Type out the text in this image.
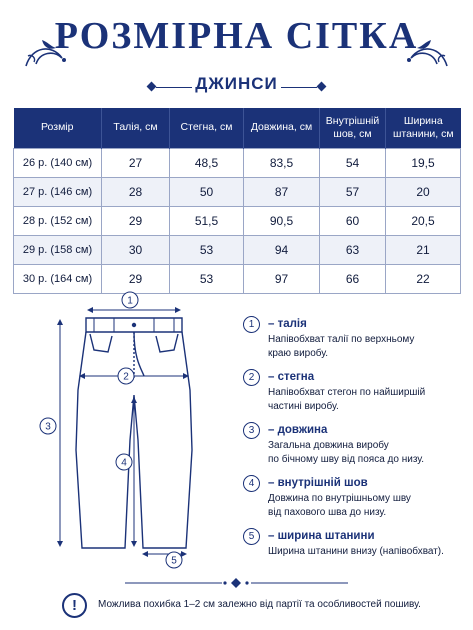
РОЗМІРНА СІТКА
ДЖИНСИ
Розмір	Талія, см	Стегна, см	Довжина, см	Внутрішній
шов, см	Ширина
штанини, см
26 р. (140 см)	27	48,5	83,5	54	19,5
27 р. (146 см)	28	50	87	57	20
28 р. (152 см)	29	51,5	90,5	60	20,5
29 р. (158 см)	30	53	94	63	21
30 р. (164 см)	29	53	97	66	22
1
2
3
4
5
1	– талія
Напівобхват талії по верхньому
краю виробу.
2	– стегна
Напівобхват стегон по найширшій
частині виробу.
3	– довжина
Загальна довжина виробу
по бічному шву від пояса до низу.
4	– внутрішній шов
Довжина по внутрішньому шву
від пахового шва до низу.
5	– ширина штанини
Ширина штанини внизу (напівобхват).
!	Можлива похибка 1–2 см залежно від партії та особливостей пошиву.
